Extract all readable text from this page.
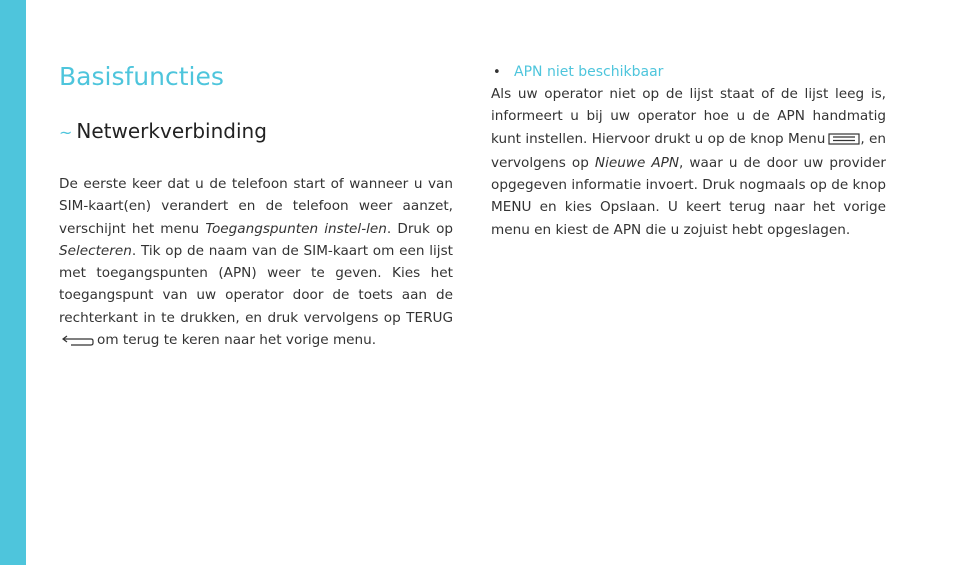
Basisfuncties
~ Netwerkverbinding

De eerste keer dat u de telefoon start of wanneer u van SIM-kaart(en) verandert en de telefoon weer aanzet, verschijnt het menu Toegangspunten instel-len. Druk op Selecteren. Tik op de naam van de SIM-kaart om een lijst met toegangspunten (APN) weer te geven. Kies het toegangspunt van uw operator door de toets aan de rechterkant in te drukken, en druk vervolgens op TERUGom terug te keren naar het vorige menu.

• APN niet beschikbaar

Als uw operator niet op de lijst staat of de lijst leeg is, informeert u bij uw operator hoe u de APN handmatig kunt instellen. Hiervoor drukt u op de knop Menu	, en vervolgens op Nieuwe APN, waar u de door uw provider opgegeven informatie invoert. Druk nogmaals op de knop MENU en kies Opslaan. U keert terug naar het vorige menu en kiest de APN die u zojuist hebt opgeslagen.
